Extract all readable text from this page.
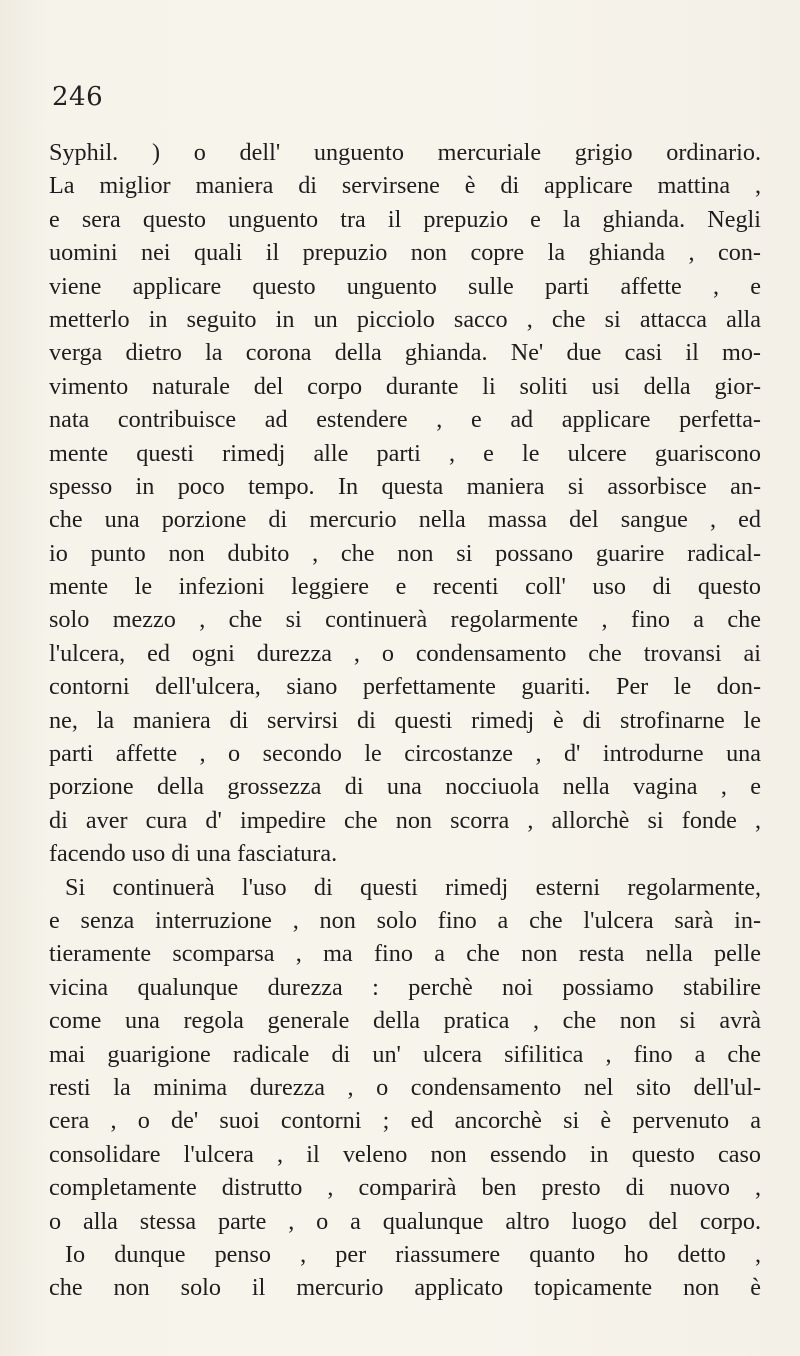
246
Syphil. ) o dell' unguento mercuriale grigio ordinario.
La miglior maniera di servirsene è di applicare mattina ,
e sera questo unguento tra il prepuzio e la ghianda. Negli
uomini nei quali il prepuzio non copre la ghianda , con-
viene applicare questo unguento sulle parti affette , e
metterlo in seguito in un picciolo sacco , che si attacca alla
verga dietro la corona della ghianda. Ne' due casi il mo-
vimento naturale del corpo durante li soliti usi della gior-
nata contribuisce ad estendere , e ad applicare perfetta-
mente questi rimedj alle parti , e le ulcere guariscono
spesso in poco tempo. In questa maniera si assorbisce an-
che una porzione di mercurio nella massa del sangue , ed
io punto non dubito , che non si possano guarire radical-
mente le infezioni leggiere e recenti coll' uso di questo
solo mezzo , che si continuerà regolarmente , fino a che
l'ulcera, ed ogni durezza , o condensamento che trovansi ai
contorni dell'ulcera, siano perfettamente guariti. Per le don-
ne, la maniera di servirsi di questi rimedj è di strofinarne le
parti affette , o secondo le circostanze , d' introdurne una
porzione della grossezza di una nocciuola nella vagina , e
di aver cura d' impedire che non scorra , allorchè si fonde ,
facendo uso di una fasciatura.
Si continuerà l'uso di questi rimedj esterni regolarmente,
e senza interruzione , non solo fino a che l'ulcera sarà in-
tieramente scomparsa , ma fino a che non resta nella pelle
vicina qualunque durezza : perchè noi possiamo stabilire
come una regola generale della pratica , che non si avrà
mai guarigione radicale di un' ulcera sifilitica , fino a che
resti la minima durezza , o condensamento nel sito dell'ul-
cera , o de' suoi contorni ; ed ancorchè si è pervenuto a
consolidare l'ulcera , il veleno non essendo in questo caso
completamente distrutto , comparirà ben presto di nuovo ,
o alla stessa parte , o a qualunque altro luogo del corpo.
Io dunque penso , per riassumere quanto ho detto ,
che non solo il mercurio applicato topicamente non è
